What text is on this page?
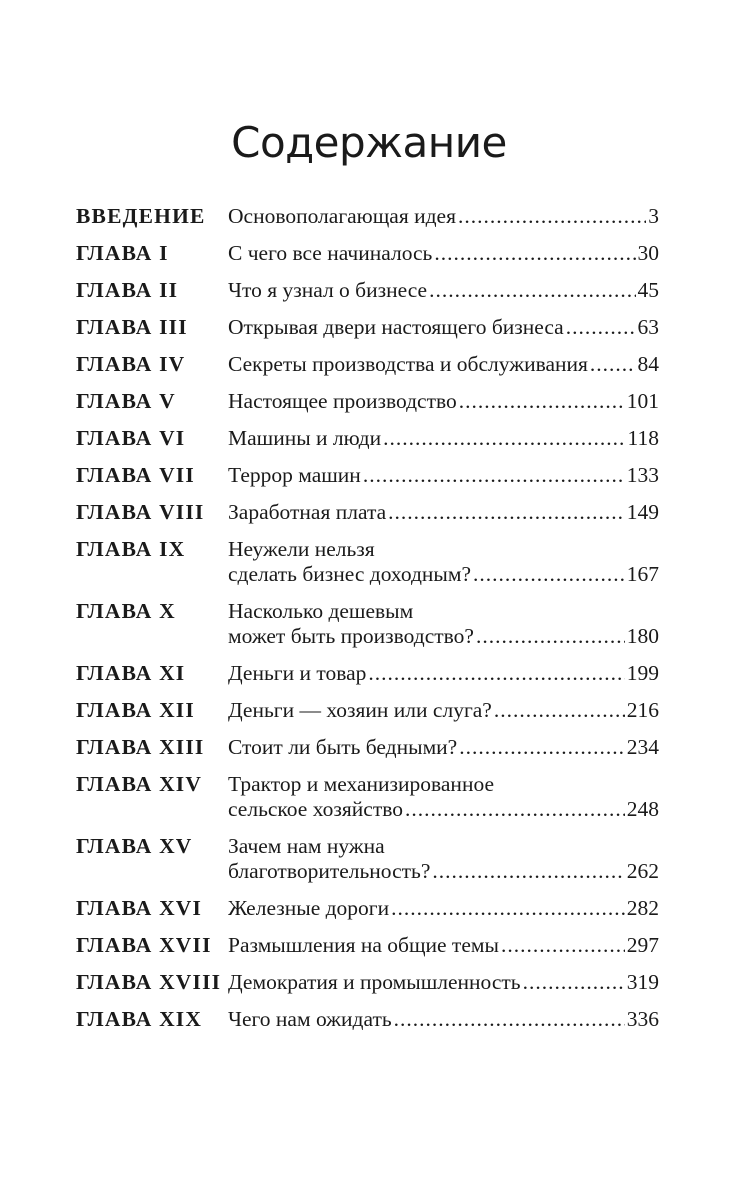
Содержание
ВВЕДЕНИЕ	Основополагающая идея .....	3
ГЛАВА I	С чего все начиналось .....	30
ГЛАВА II	Что я узнал о бизнесе .....	45
ГЛАВА III	Открывая двери настоящего бизнеса .....	63
ГЛАВА IV	Секреты производства и обслуживания ..... 84
ГЛАВА V	Настоящее производство .....	101
ГЛАВА VI	Машины и люди .....	118
ГЛАВА VII	Террор машин .....	133
ГЛАВА VIII	Заработная плата .....	149
ГЛАВА IX	Неужели нельзя
сделать бизнес доходным? .....	167
ГЛАВА X	Насколько дешевым
может быть производство? .....	180
ГЛАВА XI	Деньги и товар .....	199
ГЛАВА XII	Деньги — хозяин или слуга? .....	216
ГЛАВА XIII	Стоит ли быть бедными? .....	234
ГЛАВА XIV	Трактор и механизированное
сельское хозяйство .....	248
ГЛАВА XV	Зачем нам нужна
благотворительность? .....	262
ГЛАВА XVI	Железные дороги .....	282
ГЛАВА XVII Размышления на общие темы .....	297
ГЛАВА XVIII Демократия и промышленность .....	319
ГЛАВА XIX	Чего нам ожидать .....	336
